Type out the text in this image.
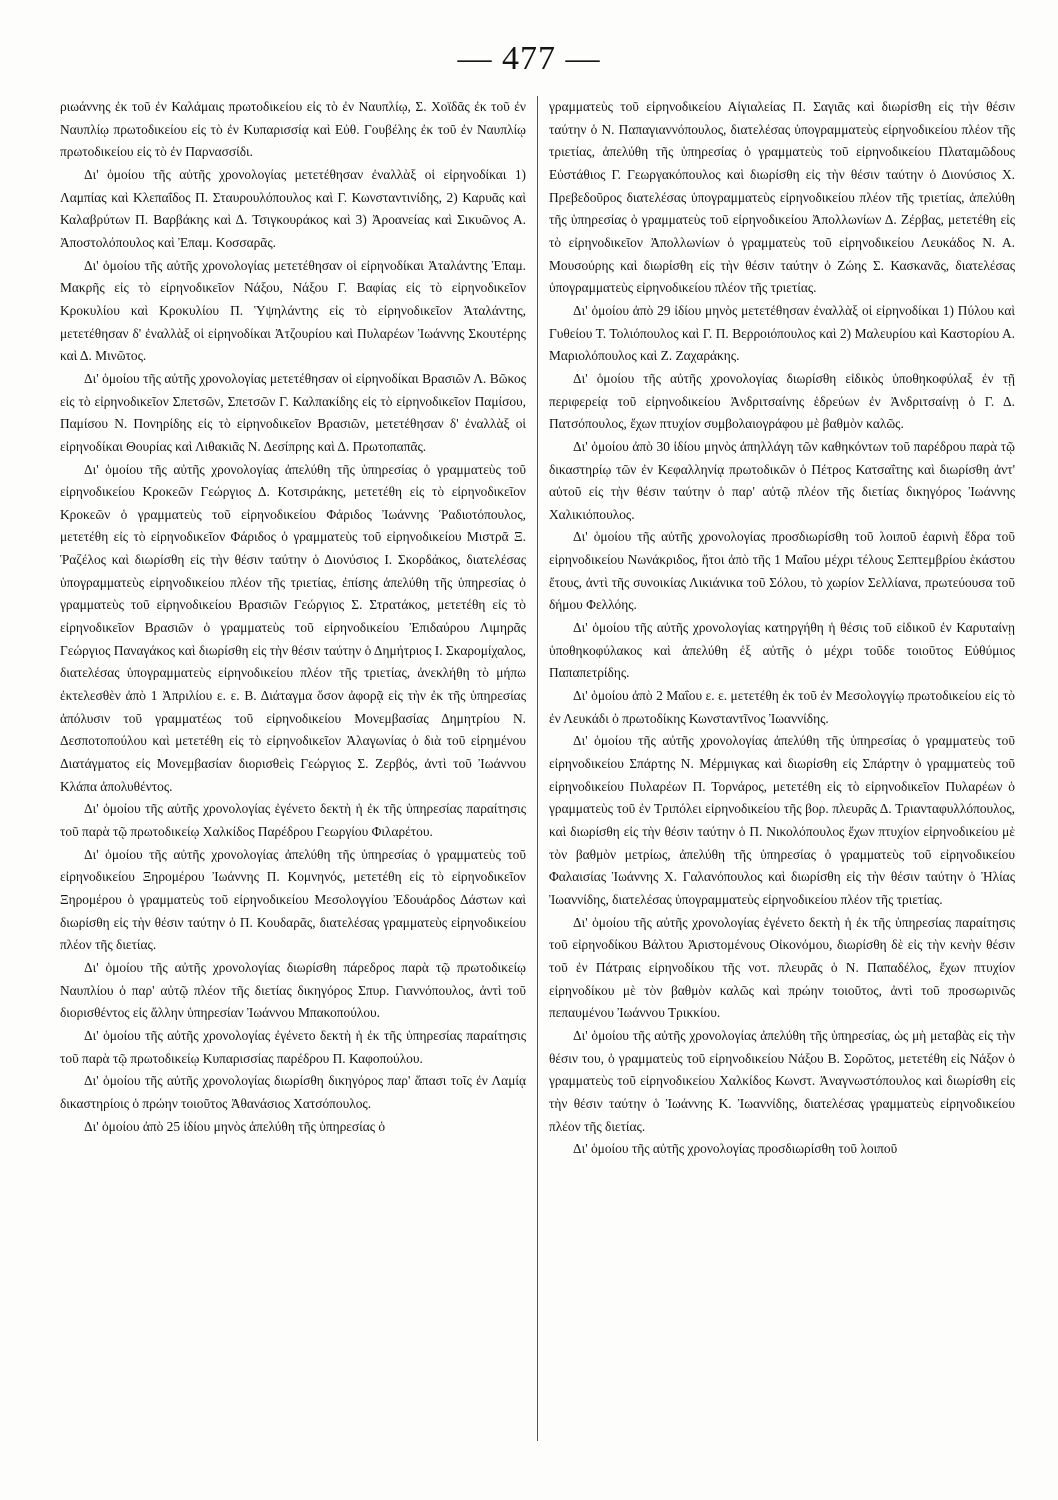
— 477 —

ριωάννης ἐκ τοῦ ἐν Καλάμαις πρωτοδικείου εἰς τὸ ἐν Ναυπλίῳ, Σ. Χοϊδᾶς ἐκ τοῦ ἐν Ναυπλίῳ πρωτοδικείου εἰς τὸ ἐν Κυπαρισσίᾳ καὶ Εὐθ. Γουβέλης ἐκ τοῦ ἐν Ναυπλίῳ πρωτοδικείου εἰς τὸ ἐν Παρνασσίδι.

Δι' ὁμοίου τῆς αὐτῆς χρονολογίας μετετέθησαν ἐναλλὰξ οἱ εἰρηνοδίκαι 1) Λαμπίας καὶ Κλεπαΐδος Π. Σταυρουλόπουλος καὶ Γ. Κωνσταντινίδης, 2) Καρυᾶς καὶ Καλαβρύτων Π. Βαρβάκης καὶ Δ. Τσιγκουράκος καὶ 3) Ἀροανείας καὶ Σικυῶνος Α. Ἀποστολόπουλος καὶ Ἐπαμ. Κοσσαρᾶς.

Δι' ὁμοίου τῆς αὐτῆς χρονολογίας μετετέθησαν οἱ εἰρηνοδίκαι Ἀταλάντης Ἐπαμ. Μακρῆς εἰς τὸ εἰρηνοδικεῖον Νάξου, Νάξου Γ. Βαφίας εἰς τὸ εἰρηνοδικεῖον Κροκυλίου καὶ Κροκυλίου Π. Ὑψηλάντης εἰς τὸ εἰρηνοδικεῖον Ἀταλάντης, μετετέθησαν δ' ἐναλλὰξ οἱ εἰρηνοδίκαι Ἀτζουρίου καὶ Πυλαρέων Ἰωάννης Σκουτέρης καὶ Δ. Μινῶτος.

Δι' ὁμοίου τῆς αὐτῆς χρονολογίας μετετέθησαν οἱ εἰρηνοδίκαι Βρασιῶν Λ. Βῶκος εἰς τὸ εἰρηνοδικεῖον Σπετσῶν, Σπετσῶν Γ. Καλπακίδης εἰς τὸ εἰρηνοδικεῖον Παμίσου, Παμίσου Ν. Πονηρίδης εἰς τὸ εἰρηνοδικεῖον Βρασιῶν, μετετέθησαν δ' ἐναλλὰξ οἱ εἰρηνοδίκαι Θουρίας καὶ Λιθακιᾶς Ν. Δεσίπρης καὶ Δ. Πρωτοπαπᾶς.

Δι' ὁμοίου τῆς αὐτῆς χρονολογίας ἀπελύθη τῆς ὑπηρεσίας ὁ γραμματεὺς τοῦ εἰρηνοδικείου Κροκεῶν Γεώργιος Δ. Κοτσιράκης, μετετέθη εἰς τὸ εἰρηνοδικεῖον Κροκεῶν ὁ γραμματεὺς τοῦ εἰρηνοδικείου Φάριδος Ἰωάννης Ῥαδιοτόπουλος, μετετέθη εἰς τὸ εἰρηνοδικεῖον Φάριδος ὁ γραμματεὺς τοῦ εἰρηνοδικείου Μιστρᾶ Ξ. Ῥαζέλος καὶ διωρίσθη εἰς τὴν θέσιν ταύτην ὁ Διονύσιος Ι. Σκορδάκος, διατελέσας ὑπογραμματεὺς εἰρηνοδικείου πλέον τῆς τριετίας, ἐπίσης ἀπελύθη τῆς ὑπηρεσίας ὁ γραμματεὺς τοῦ εἰρηνοδικείου Βρασιῶν Γεώργιος Σ. Στρατάκος, μετετέθη εἰς τὸ εἰρηνοδικεῖον Βρασιῶν ὁ γραμματεὺς τοῦ εἰρηνοδικείου Ἐπιδαύρου Λιμηρᾶς Γεώργιος Παναγάκος καὶ διωρίσθη εἰς τὴν θέσιν ταύτην ὁ Δημήτριος Ι. Σκαρομίχαλος, διατελέσας ὑπογραμματεὺς εἰρηνοδικείου πλέον τῆς τριετίας, ἀνεκλήθη τὸ μήπω ἐκτελεσθὲν ἀπὸ 1 Ἀπριλίου ε. ε. Β. Διάταγμα ὅσον ἀφορᾷ εἰς τὴν ἐκ τῆς ὑπηρεσίας ἀπόλυσιν τοῦ γραμματέως τοῦ εἰρηνοδικείου Μονεμβασίας Δημητρίου Ν. Δεσποτοπούλου καὶ μετετέθη εἰς τὸ εἰρηνοδικεῖον Ἀλαγωνίας ὁ διὰ τοῦ εἰρημένου Διατάγματος εἰς Μονεμβασίαν διορισθεὶς Γεώργιος Σ. Ζερβός, ἀντὶ τοῦ Ἰωάννου Κλάπα ἀπολυθέντος.

Δι' ὁμοίου τῆς αὐτῆς χρονολογίας ἐγένετο δεκτὴ ἡ ἐκ τῆς ὑπηρεσίας παραίτησις τοῦ παρὰ τῷ πρωτοδικείῳ Χαλκίδος Παρέδρου Γεωργίου Φιλαρέτου.

Δι' ὁμοίου τῆς αὐτῆς χρονολογίας ἀπελύθη τῆς ὑπηρεσίας ὁ γραμματεὺς τοῦ εἰρηνοδικείου Ξηρομέρου Ἰωάννης Π. Κομνηνός, μετετέθη εἰς τὸ εἰρηνοδικεῖον Ξηρομέρου ὁ γραμματεὺς τοῦ εἰρηνοδικείου Μεσολογγίου Ἐδουάρδος Δάστων καὶ διωρίσθη εἰς τὴν θέσιν ταύτην ὁ Π. Κουδαρᾶς, διατελέσας γραμματεὺς εἰρηνοδικείου πλέον τῆς διετίας.

Δι' ὁμοίου τῆς αὐτῆς χρονολογίας διωρίσθη πάρεδρος παρὰ τῷ πρωτοδικείῳ Ναυπλίου ὁ παρ' αὐτῷ πλέον τῆς διετίας δικηγόρος Σπυρ. Γιαννόπουλος, ἀντὶ τοῦ διορισθέντος εἰς ἄλλην ὑπηρεσίαν Ἰωάννου Μπακοπούλου.

Δι' ὁμοίου τῆς αὐτῆς χρονολογίας ἐγένετο δεκτὴ ἡ ἐκ τῆς ὑπηρεσίας παραίτησις τοῦ παρὰ τῷ πρωτοδικείῳ Κυπαρισσίας παρέδρου Π. Καφοπούλου.

Δι' ὁμοίου τῆς αὐτῆς χρονολογίας διωρίσθη δικηγόρος παρ' ἅπασι τοῖς ἐν Λαμίᾳ δικαστηρίοις ὁ πρώην τοιοῦτος Ἀθανάσιος Χατσόπουλος.

Δι' ὁμοίου ἀπὸ 25 ἰδίου μηνὸς ἀπελύθη τῆς ὑπηρεσίας ὁ

γραμματεὺς τοῦ εἰρηνοδικείου Αἰγιαλείας Π. Σαγιᾶς καὶ διωρίσθη εἰς τὴν θέσιν ταύτην ὁ Ν. Παπαγιαννόπουλος, διατελέσας ὑπογραμματεὺς εἰρηνοδικείου πλέον τῆς τριετίας, ἀπελύθη τῆς ὑπηρεσίας ὁ γραμματεὺς τοῦ εἰρηνοδικείου Πλαταμῶδους Εὐστάθιος Γ. Γεωργακόπουλος καὶ διωρίσθη εἰς τὴν θέσιν ταύτην ὁ Διονύσιος Χ. Πρεβεδοῦρος διατελέσας ὑπογραμματεὺς εἰρηνοδικείου πλέον τῆς τριετίας, ἀπελύθη τῆς ὑπηρεσίας ὁ γραμματεὺς τοῦ εἰρηνοδικείου Ἀπολλωνίων Δ. Ζέρβας, μετετέθη εἰς τὸ εἰρηνοδικεῖον Ἀπολλωνίων ὁ γραμματεὺς τοῦ εἰρηνοδικείου Λευκάδος Ν. Α. Μουσούρης καὶ διωρίσθη εἰς τὴν θέσιν ταύτην ὁ Ζώης Σ. Κασκανᾶς, διατελέσας ὑπογραμματεὺς εἰρηνοδικείου πλέον τῆς τριετίας.

Δι' ὁμοίου ἀπὸ 29 ἰδίου μηνὸς μετετέθησαν ἐναλλὰξ οἱ εἰρηνοδίκαι 1) Πύλου καὶ Γυθείου Τ. Τολιόπουλος καὶ Γ. Π. Βερροιόπουλος καὶ 2) Μαλευρίου καὶ Καστορίου Α. Μαριολόπουλος καὶ Ζ. Ζαχαράκης.

Δι' ὁμοίου τῆς αὐτῆς χρονολογίας διωρίσθη εἰδικὸς ὑποθηκοφύλαξ ἐν τῇ περιφερείᾳ τοῦ εἰρηνοδικείου Ἀνδριτσαίνης ἑδρεύων ἐν Ἀνδριτσαίνῃ ὁ Γ. Δ. Πατσόπουλος, ἔχων πτυχίον συμβολαιογράφου μὲ βαθμὸν καλῶς.

Δι' ὁμοίου ἀπὸ 30 ἰδίου μηνὸς ἀπηλλάγη τῶν καθηκόντων τοῦ παρέδρου παρὰ τῷ δικαστηρίῳ τῶν ἐν Κεφαλληνίᾳ πρωτοδικῶν ὁ Πέτρος Κατσαΐτης καὶ διωρίσθη ἀντ' αὐτοῦ εἰς τὴν θέσιν ταύτην ὁ παρ' αὐτῷ πλέον τῆς διετίας δικηγόρος Ἰωάννης Χαλικιόπουλος.

Δι' ὁμοίου τῆς αὐτῆς χρονολογίας προσδιωρίσθη τοῦ λοιποῦ ἐαρινὴ ἕδρα τοῦ εἰρηνοδικείου Νωνάκριδος, ἤτοι ἀπὸ τῆς 1 Μαΐου μέχρι τέλους Σεπτεμβρίου ἑκάστου ἔτους, ἀντὶ τῆς συνοικίας Λικιάνικα τοῦ Σόλου, τὸ χωρίον Σελλίανα, πρωτεύουσα τοῦ δήμου Φελλόης.

Δι' ὁμοίου τῆς αὐτῆς χρονολογίας κατηργήθη ἡ θέσις τοῦ εἰδικοῦ ἐν Καρυταίνῃ ὑποθηκοφύλακος καὶ ἀπελύθη ἐξ αὐτῆς ὁ μέχρι τοῦδε τοιοῦτος Εὐθύμιος Παπαπετρίδης.

Δι' ὁμοίου ἀπὸ 2 Μαΐου ε. ε. μετετέθη ἐκ τοῦ ἐν Μεσολογγίῳ πρωτοδικείου εἰς τὸ ἐν Λευκάδι ὁ πρωτοδίκης Κωνσταντῖνος Ἰωαννίδης.

Δι' ὁμοίου τῆς αὐτῆς χρονολογίας ἀπελύθη τῆς ὑπηρεσίας ὁ γραμματεὺς τοῦ εἰρηνοδικείου Σπάρτης Ν. Μέρμιγκας καὶ διωρίσθη εἰς Σπάρτην ὁ γραμματεὺς τοῦ εἰρηνοδικείου Πυλαρέων Π. Τορνάρος, μετετέθη εἰς τὸ εἰρηνοδικεῖον Πυλαρέων ὁ γραμματεὺς τοῦ ἐν Τριπόλει εἰρηνοδικείου τῆς βορ. πλευρᾶς Δ. Τριανταφυλλόπουλος, καὶ διωρίσθη εἰς τὴν θέσιν ταύτην ὁ Π. Νικολόπουλος ἔχων πτυχίον εἰρηνοδικείου μὲ τὸν βαθμὸν μετρίως, ἀπελύθη τῆς ὑπηρεσίας ὁ γραμματεὺς τοῦ εἰρηνοδικείου Φαλαισίας Ἰωάννης Χ. Γαλανόπουλος καὶ διωρίσθη εἰς τὴν θέσιν ταύτην ὁ Ἠλίας Ἰωαννίδης, διατελέσας ὑπογραμματεὺς εἰρηνοδικείου πλέον τῆς τριετίας.

Δι' ὁμοίου τῆς αὐτῆς χρονολογίας ἐγένετο δεκτὴ ἡ ἐκ τῆς ὑπηρεσίας παραίτησις τοῦ εἰρηνοδίκου Βάλτου Ἀριστομένους Οἰκονόμου, διωρίσθη δὲ εἰς τὴν κενὴν θέσιν τοῦ ἐν Πάτραις εἰρηνοδίκου τῆς νοτ. πλευρᾶς ὁ Ν. Παπαδέλος, ἔχων πτυχίον εἰρηνοδίκου μὲ τὸν βαθμὸν καλῶς καὶ πρώην τοιοῦτος, ἀντὶ τοῦ προσωρινῶς πεπαυμένου Ἰωάννου Τρικκίου.

Δι' ὁμοίου τῆς αὐτῆς χρονολογίας ἀπελύθη τῆς ὑπηρεσίας, ὡς μὴ μεταβὰς εἰς τὴν θέσιν του, ὁ γραμματεὺς τοῦ εἰρηνοδικείου Νάξου Β. Σορῶτος, μετετέθη εἰς Νάξον ὁ γραμματεὺς τοῦ εἰρηνοδικείου Χαλκίδος Κωνστ. Ἀναγνωστόπουλος καὶ διωρίσθη εἰς τὴν θέσιν ταύτην ὁ Ἰωάννης Κ. Ἰωαννίδης, διατελέσας γραμματεὺς εἰρηνοδικείου πλέον τῆς διετίας.

Δι' ὁμοίου τῆς αὐτῆς χρονολογίας προσδιωρίσθη τοῦ λοιποῦ
